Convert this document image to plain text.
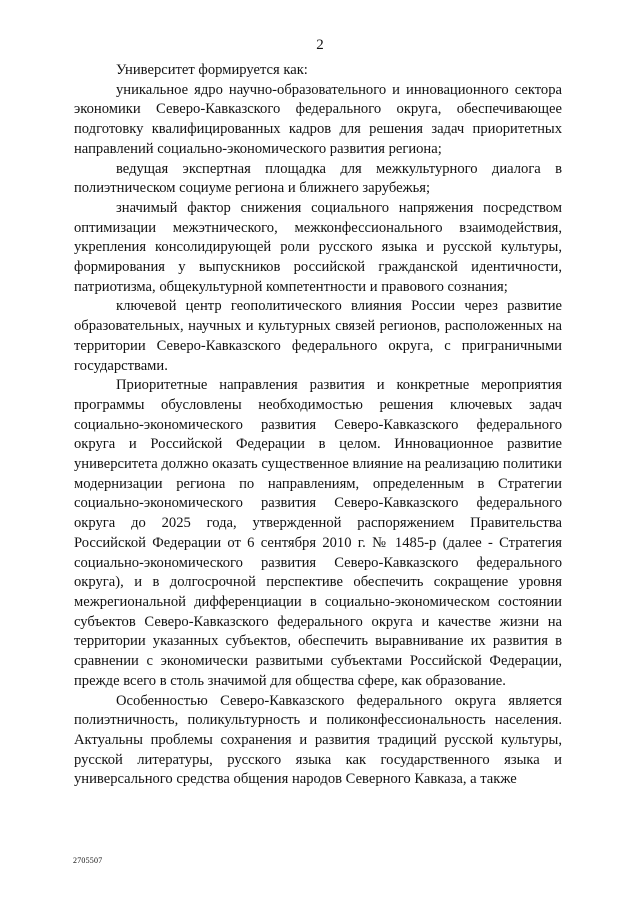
2

Университет формируется как:

уникальное ядро научно-образовательного и инновационного сектора экономики Северо-Кавказского федерального округа, обеспечивающее подготовку квалифицированных кадров для решения задач приоритетных направлений социально-экономического развития региона;

ведущая экспертная площадка для межкультурного диалога в полиэтническом социуме региона и ближнего зарубежья;

значимый фактор снижения социального напряжения посредством оптимизации межэтнического, межконфессионального взаимодействия, укрепления консолидирующей роли русского языка и русской культуры, формирования у выпускников российской гражданской идентичности, патриотизма, общекультурной компетентности и правового сознания;

ключевой центр геополитического влияния России через развитие образовательных, научных и культурных связей регионов, расположенных на территории Северо-Кавказского федерального округа, с приграничными государствами.

Приоритетные направления развития и конкретные мероприятия программы обусловлены необходимостью решения ключевых задач социально-экономического развития Северо-Кавказского федерального округа и Российской Федерации в целом. Инновационное развитие университета должно оказать существенное влияние на реализацию политики модернизации региона по направлениям, определенным в Стратегии социально-экономического развития Северо-Кавказского федерального округа до 2025 года, утвержденной распоряжением Правительства Российской Федерации от 6 сентября 2010 г. № 1485-р (далее - Стратегия социально-экономического развития Северо-Кавказского федерального округа), и в долгосрочной перспективе обеспечить сокращение уровня межрегиональной дифференциации в социально-экономическом состоянии субъектов Северо-Кавказского федерального округа и качестве жизни на территории указанных субъектов, обеспечить выравнивание их развития в сравнении с экономически развитыми субъектами Российской Федерации, прежде всего в столь значимой для общества сфере, как образование.

Особенностью Северо-Кавказского федерального округа является полиэтничность, поликультурность и поликонфессиональность населения. Актуальны проблемы сохранения и развития традиций русской культуры, русской литературы, русского языка как государственного языка и универсального средства общения народов Северного Кавказа, а также

2705507
